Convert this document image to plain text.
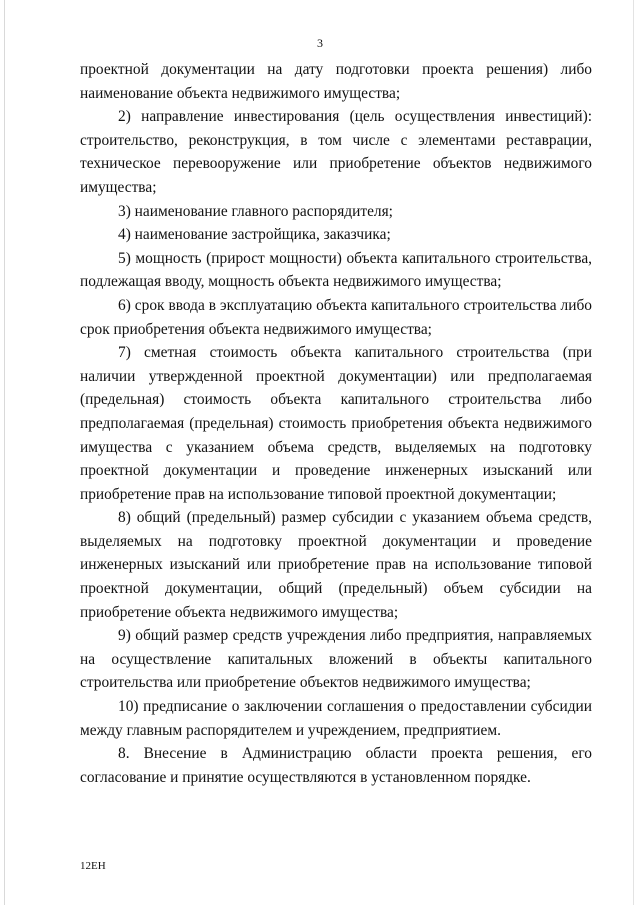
3

проектной документации на дату подготовки проекта решения) либо наименование объекта недвижимого имущества;

2) направление инвестирования (цель осуществления инвестиций): строительство, реконструкция, в том числе с элементами реставрации, техническое перевооружение или приобретение объектов недвижимого имущества;

3) наименование главного распорядителя;

4) наименование застройщика, заказчика;

5) мощность (прирост мощности) объекта капитального строительства, подлежащая вводу, мощность объекта недвижимого имущества;

6) срок ввода в эксплуатацию объекта капитального строительства либо срок приобретения объекта недвижимого имущества;

7) сметная стоимость объекта капитального строительства (при наличии утвержденной проектной документации) или предполагаемая (предельная) стоимость объекта капитального строительства либо предполагаемая (предельная) стоимость приобретения объекта недвижимого имущества с указанием объема средств, выделяемых на подготовку проектной документации и проведение инженерных изысканий или приобретение прав на использование типовой проектной документации;

8) общий (предельный) размер субсидии с указанием объема средств, выделяемых на подготовку проектной документации и проведение инженерных изысканий или приобретение прав на использование типовой проектной документации, общий (предельный) объем субсидии на приобретение объекта недвижимого имущества;

9) общий размер средств учреждения либо предприятия, направляемых на осуществление капитальных вложений в объекты капитального строительства или приобретение объектов недвижимого имущества;

10) предписание о заключении соглашения о предоставлении субсидии между главным распорядителем и учреждением, предприятием.

8. Внесение в Администрацию области проекта решения, его согласование и принятие осуществляются в установленном порядке.

12ЕН
